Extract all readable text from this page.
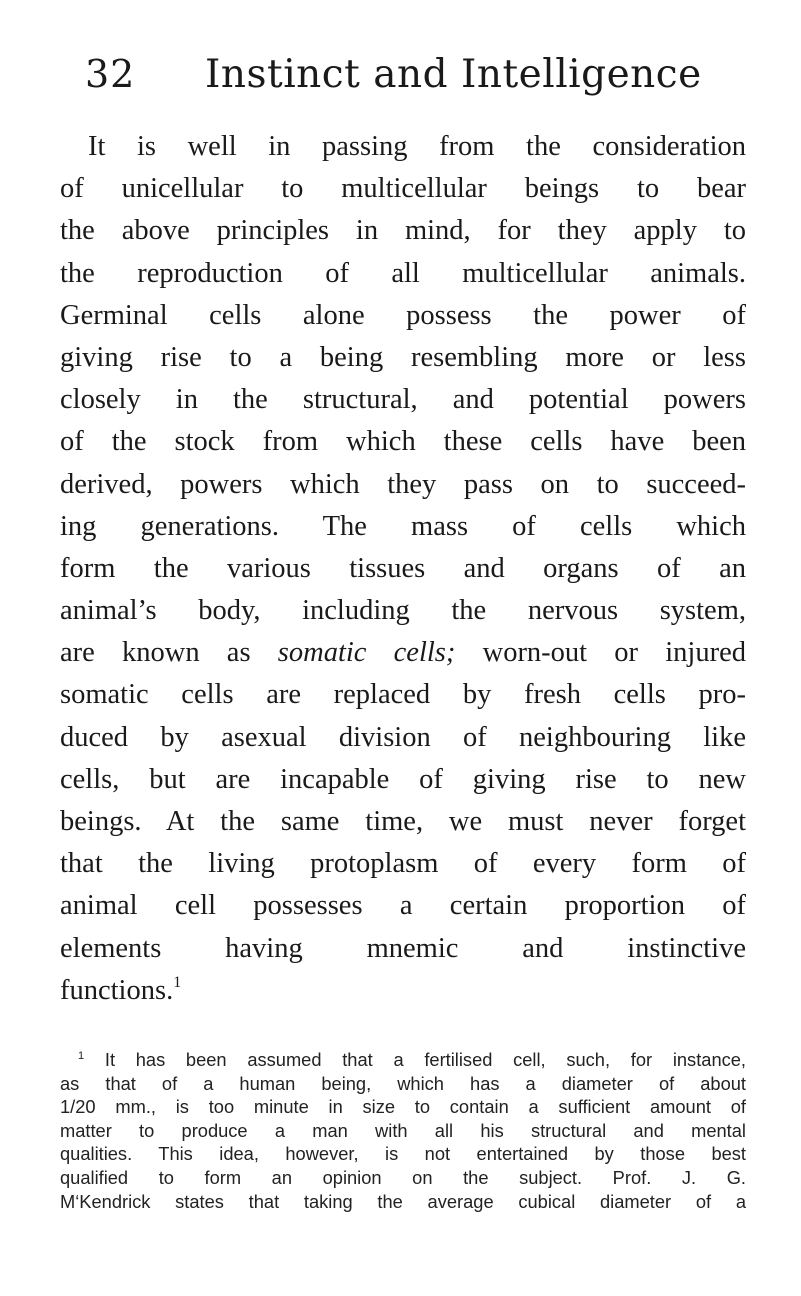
32 Instinct and Intelligence
It is well in passing from the consideration
of unicellular to multicellular beings to bear
the above principles in mind, for they apply to
the reproduction of all multicellular animals.
Germinal cells alone possess the power of
giving rise to a being resembling more or less
closely in the structural, and potential powers
of the stock from which these cells have been
derived, powers which they pass on to succeed-
ing generations. The mass of cells which
form the various tissues and organs of an
animal’s body, including the nervous system,
are known as somatic cells; worn-out or injured
somatic cells are replaced by fresh cells pro-
duced by asexual division of neighbouring like
cells, but are incapable of giving rise to new
beings. At the same time, we must never forget
that the living protoplasm of every form of
animal cell possesses a certain proportion of
elements having mnemic and instinctive
functions.$^1$
$^1$ It has been assumed that a fertilised cell, such, for instance,
as that of a human being, which has a diameter of about
1/20 mm., is too minute in size to contain a sufficient amount of
matter to produce a man with all his structural and mental
qualities. This idea, however, is not entertained by those best
qualified to form an opinion on the subject. Prof. J. G.
M‘Kendrick states that taking the average cubical diameter of a
